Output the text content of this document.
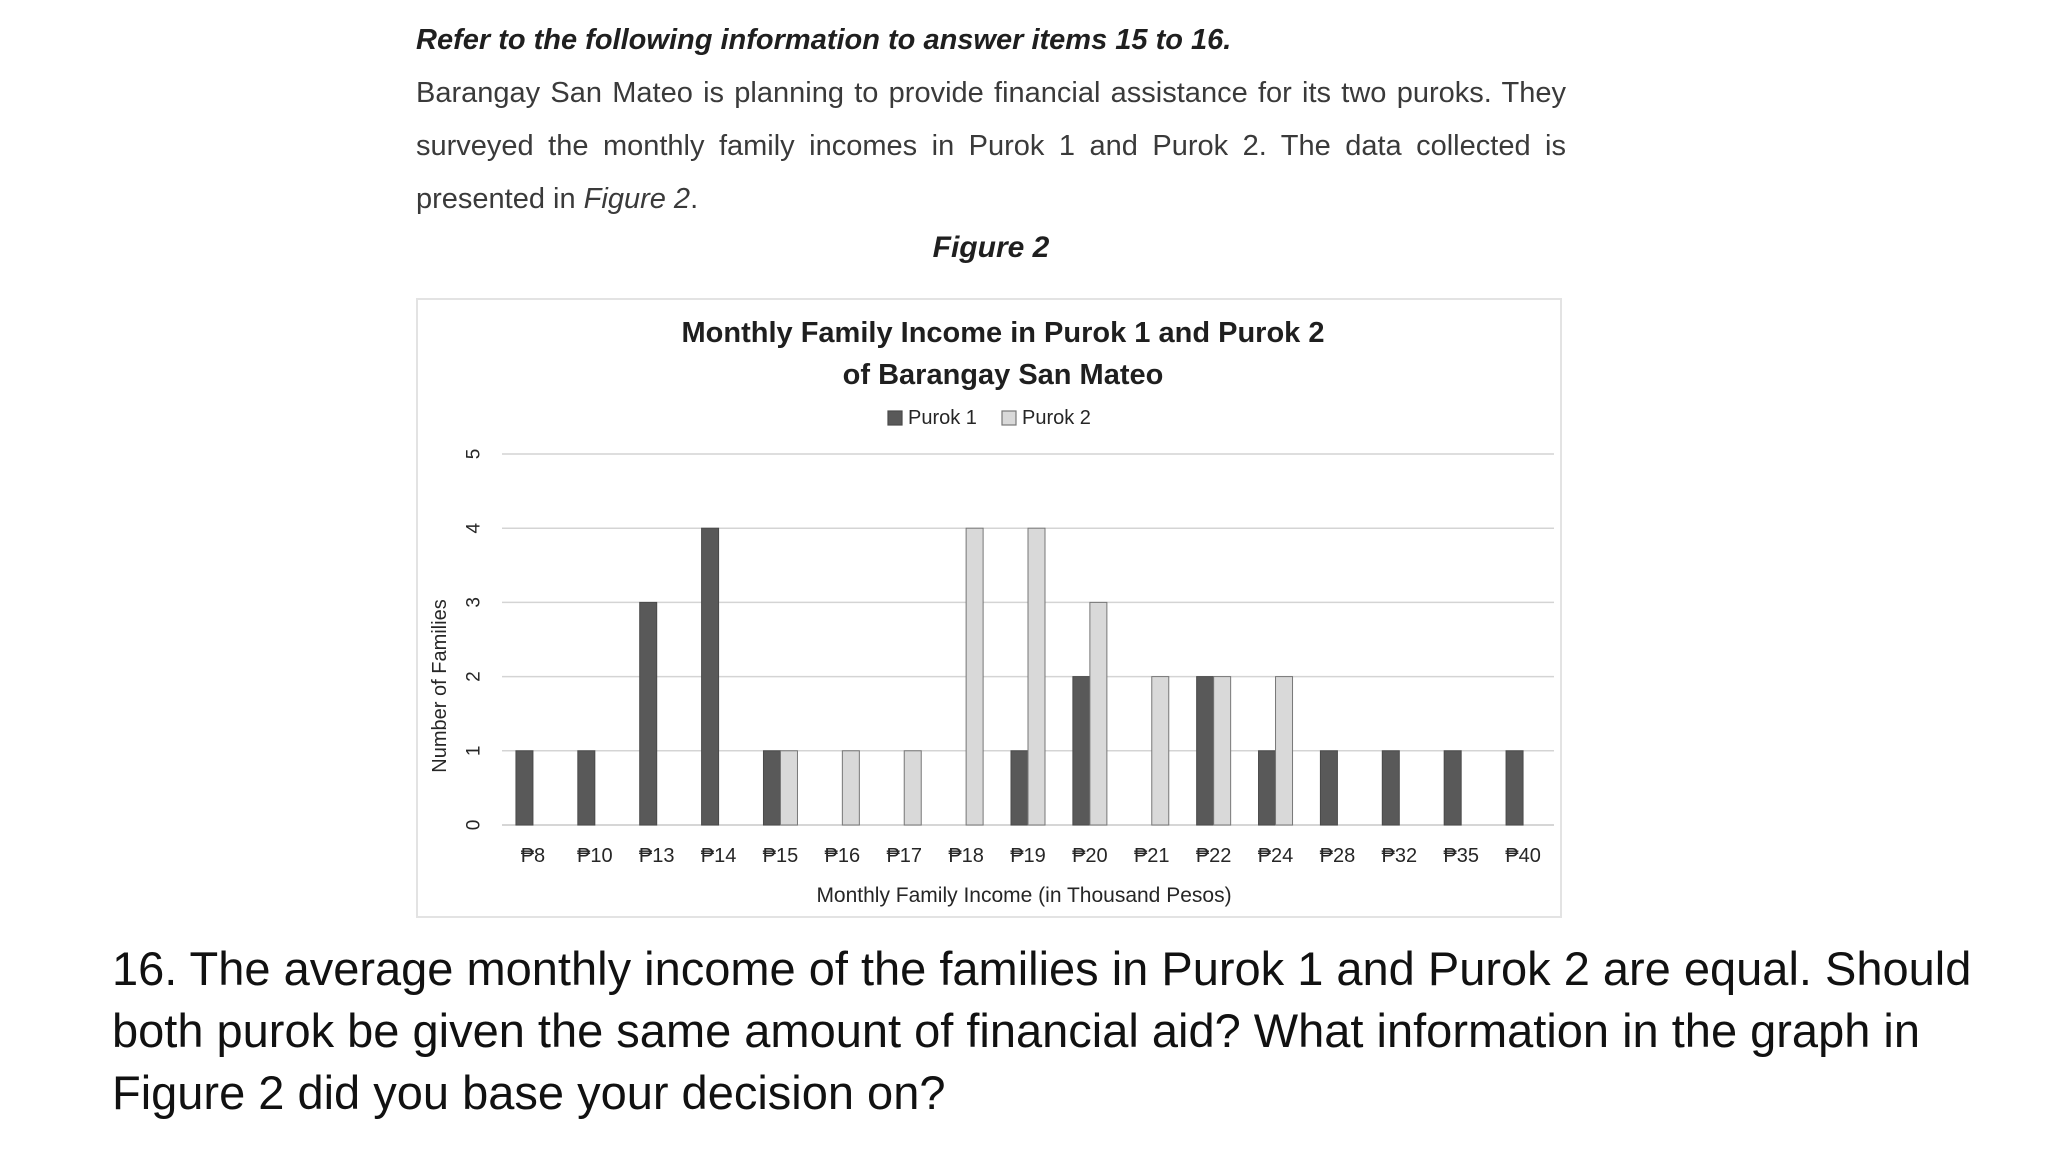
Refer to the following information to answer items 15 to 16.

Barangay San Mateo is planning to provide financial assistance for its two puroks. They surveyed the monthly family incomes in Purok 1 and Purok 2. The data collected is presented in Figure 2.

Figure 2
Monthly Family Income in Purok 1 and Purok 2
of Barangay San Mateo
Purok 1 Purok 2
0
1
2
3
4
5
₱8 ₱10 ₱13 ₱14 ₱15 ₱16 ₱17 ₱18 ₱19 ₱20 ₱21 ₱22 ₱24 ₱28 ₱32 ₱35 ₱40
Number of Families
Monthly Family Income (in Thousand Pesos)

16. The average monthly income of the families in Purok 1 and Purok 2 are equal. Should both purok be given the same amount of financial aid? What information in the graph in Figure 2 did you base your decision on?
